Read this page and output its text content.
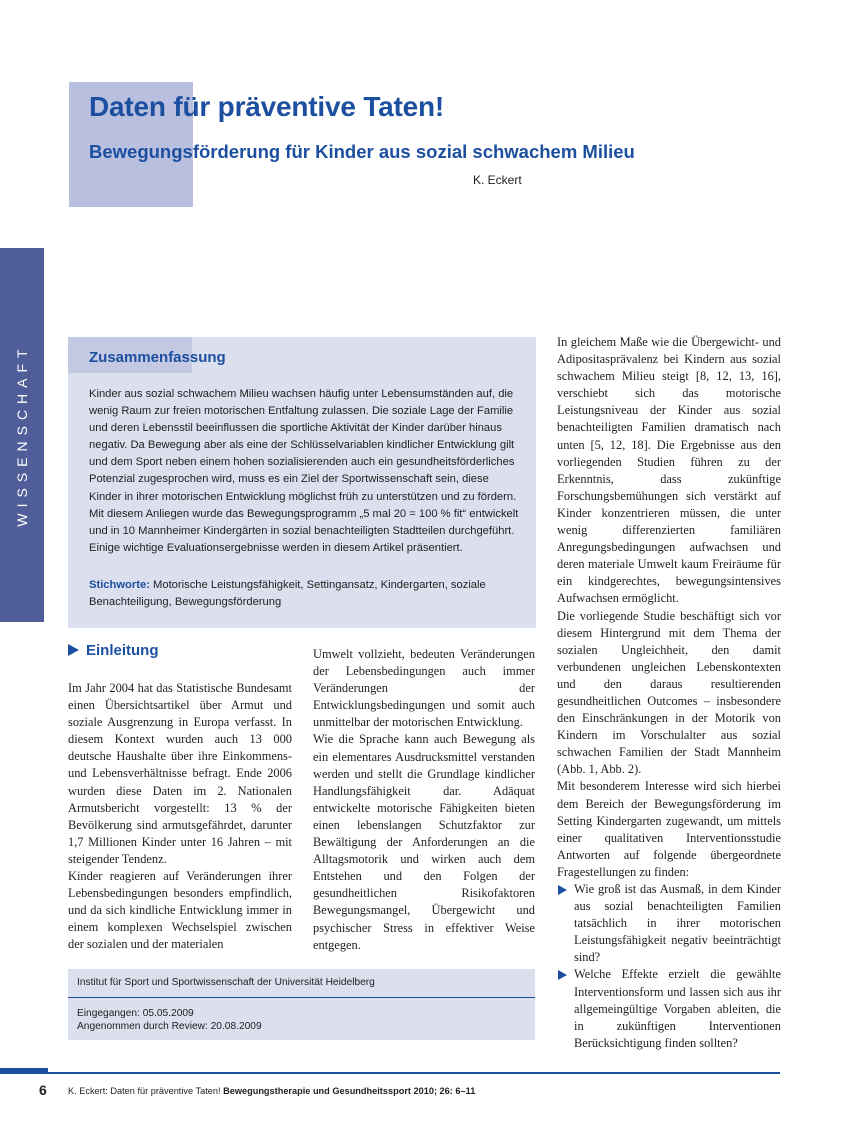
Daten für präventive Taten!
Bewegungsförderung für Kinder aus sozial schwachem Milieu
K. Eckert
WISSENSCHAFT	Zusammenfassung
Kinder aus sozial schwachem Milieu wachsen häufig unter Lebensumständen auf, die wenig Raum zur freien motorischen Entfaltung zulassen. Die soziale Lage der Familie und deren Lebensstil beeinflussen die sportliche Aktivität der Kinder darüber hinaus negativ. Da Bewegung aber als eine der Schlüsselvariablen kindlicher Entwicklung gilt und dem Sport neben einem hohen sozialisierenden auch ein gesundheitsförderliches Potenzial zugesprochen wird, muss es ein Ziel der Sportwissenschaft sein, diese Kinder in ihrer motorischen Entwicklung möglichst früh zu unterstützen und zu fördern. Mit diesem Anliegen wurde das Bewegungsprogramm „5 mal 20 = 100 % fit“ entwickelt und in 10 Mannheimer Kindergärten in sozial benachteiligten Stadtteilen durchgeführt. Einige wichtige Evaluationsergebnisse werden in diesem Artikel präsentiert.
Stichworte: Motorische Leistungsfähigkeit, Settingansatz, Kindergarten, soziale Benachteiligung, Bewegungsförderung
Einleitung

Im Jahr 2004 hat das Statistische Bundesamt einen Übersichtsartikel über Armut und soziale Ausgrenzung in Europa verfasst. In diesem Kontext wurden auch 13 000 deutsche Haushalte über ihre Einkommens- und Lebensverhältnisse befragt. Ende 2006 wurden diese Daten im 2. Nationalen Armutsbericht vorgestellt: 13 % der Bevölkerung sind armutsgefährdet, darunter 1,7 Millionen Kinder unter 16 Jahren – mit steigender Tendenz.

Kinder reagieren auf Veränderungen ihrer Lebensbedingungen besonders empfindlich, und da sich kindliche Entwicklung immer in einem komplexen Wechselspiel zwischen der sozialen und der materialen

Umwelt vollzieht, bedeuten Veränderungen der Lebensbedingungen auch immer Veränderungen der Entwicklungsbedingungen und somit auch unmittelbar der motorischen Entwicklung.

Wie die Sprache kann auch Bewegung als ein elementares Ausdrucksmittel verstanden werden und stellt die Grundlage kindlicher Handlungsfähigkeit dar. Adäquat entwickelte motorische Fähigkeiten bieten einen lebenslangen Schutzfaktor zur Bewältigung der Anforderungen an die Alltagsmotorik und wirken auch dem Entstehen und den Folgen der gesundheitlichen Risikofaktoren Bewegungsmangel, Übergewicht und psychischer Stress in effektiver Weise entgegen.

In gleichem Maße wie die Übergewicht- und Adipositasprävalenz bei Kindern aus sozial schwachem Milieu steigt [8, 12, 13, 16], verschiebt sich das motorische Leistungsniveau der Kinder aus sozial benachteiligten Familien dramatisch nach unten [5, 12, 18]. Die Ergebnisse aus den vorliegenden Studien führen zu der Erkenntnis, dass zukünftige Forschungsbemühungen sich verstärkt auf Kinder konzentrieren müssen, die unter wenig differenzierten familiären Anregungsbedingungen aufwachsen und deren materiale Umwelt kaum Freiräume für ein kindgerechtes, bewegungsintensives Aufwachsen ermöglicht.

Die vorliegende Studie beschäftigt sich vor diesem Hintergrund mit dem Thema der sozialen Ungleichheit, den damit verbundenen ungleichen Lebenskontexten und den daraus resultierenden gesundheitlichen Outcomes – insbesondere den Einschränkungen in der Motorik von Kindern im Vorschulalter aus sozial schwachen Familien der Stadt Mannheim (Abb. 1, Abb. 2).

Mit besonderem Interesse wird sich hierbei dem Bereich der Bewegungsförderung im Setting Kindergarten zugewandt, um mittels einer qualitativen Interventionsstudie Antworten auf folgende übergeordnete Fragestellungen zu finden:

Wie groß ist das Ausmaß, in dem Kinder aus sozial benachteiligten Familien tatsächlich in ihrer motorischen Leistungsfähigkeit negativ beeinträchtigt sind?
Welche Effekte erzielt die gewählte Interventionsform und lassen sich aus ihr allgemeingültige Vorgaben ableiten, die in zukünftigen Interventionen Berücksichtigung finden sollten?
Institut für Sport und Sportwissenschaft der Universität Heidelberg
Eingegangen: 05.05.2009
Angenommen durch Review: 20.08.2009
6 K. Eckert: Daten für präventive Taten! Bewegungstherapie und Gesundheitssport 2010; 26: 6–11
